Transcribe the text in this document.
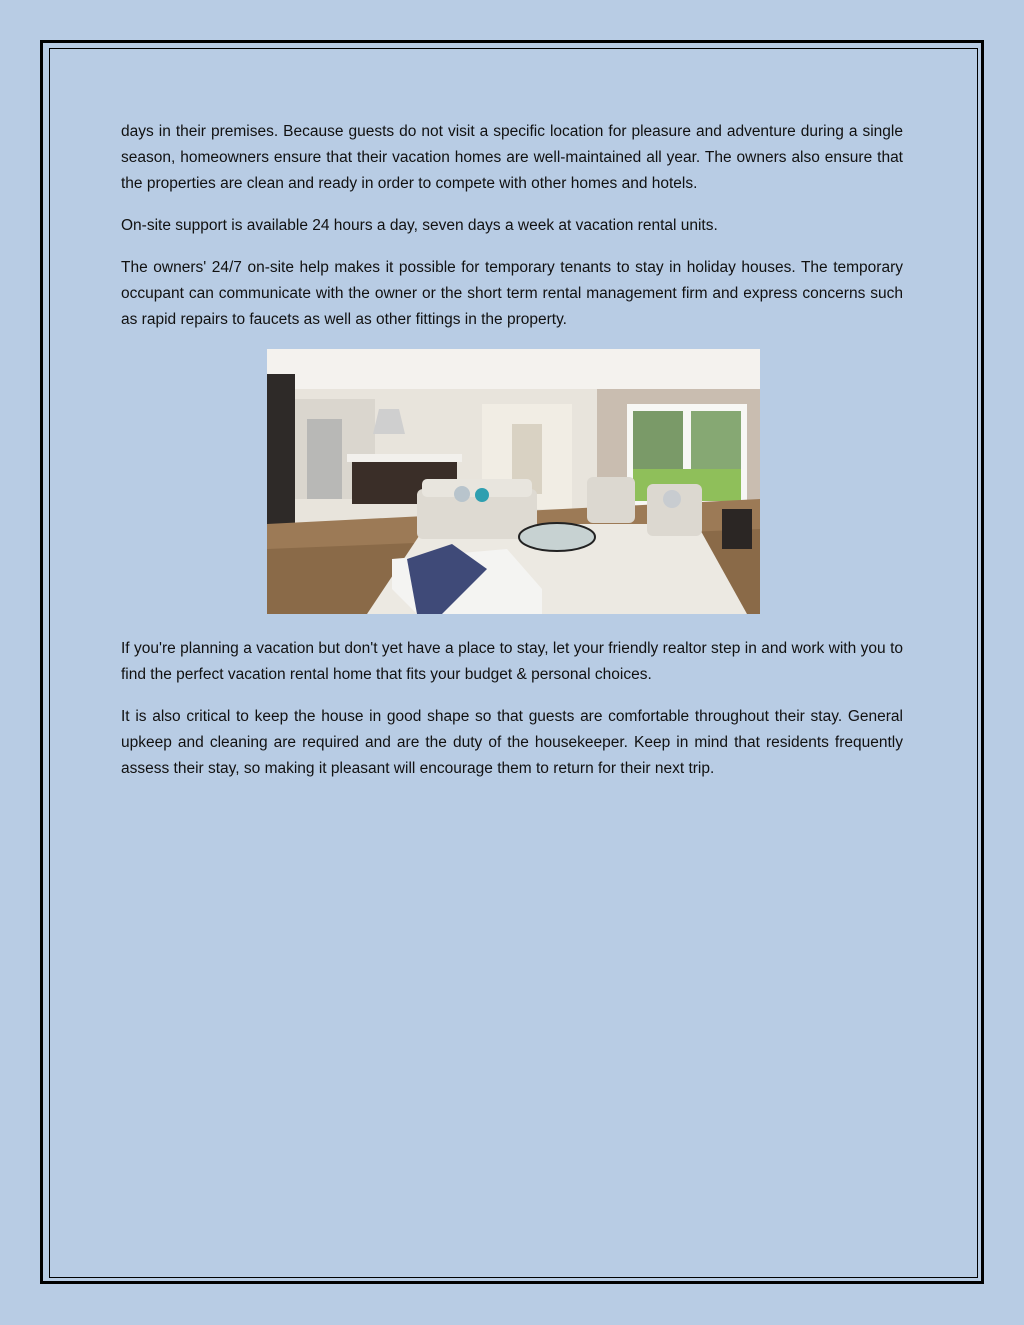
days in their premises. Because guests do not visit a specific location for pleasure and adventure during a single season, homeowners ensure that their vacation homes are well-maintained all year. The owners also ensure that the properties are clean and ready in order to compete with other homes and hotels.

On-site support is available 24 hours a day, seven days a week at vacation rental units.

The owners' 24/7 on-site help makes it possible for temporary tenants to stay in holiday houses. The temporary occupant can communicate with the owner or the short term rental management firm and express concerns such as rapid repairs to faucets as well as other fittings in the property.

If you're planning a vacation but don't yet have a place to stay, let your friendly realtor step in and work with you to find the perfect vacation rental home that fits your budget & personal choices.

It is also critical to keep the house in good shape so that guests are comfortable throughout their stay. General upkeep and cleaning are required and are the duty of the housekeeper. Keep in mind that residents frequently assess their stay, so making it pleasant will encourage them to return for their next trip.
